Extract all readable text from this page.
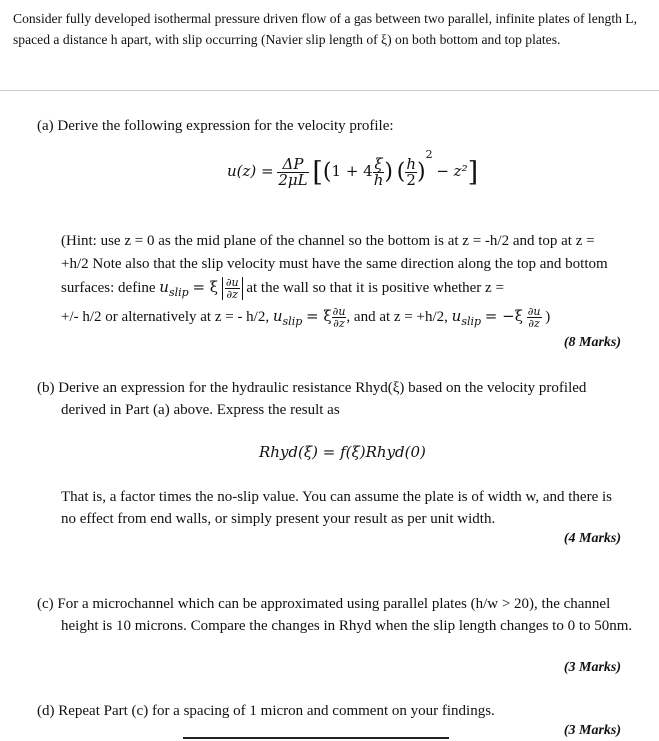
Consider fully developed isothermal pressure driven flow of a gas between two parallel, infinite plates of length L, spaced a distance h apart, with slip occurring (Navier slip length of ξ) on both bottom and top plates.
(a) Derive the following expression for the velocity profile:
$u(z) = \frac{\Delta P}{2\mu L} [(1 + 4 \frac{\xi}{h}$ ) ( $\frac{h}{2} )^2 - z^2$]
(Hint: use z = 0 as the mid plane of the channel so the bottom is at z = -h/2 and top at z = +h/2 Note also that the slip velocity must have the same direction along the top and bottom surfaces: define $u_{slip} = \xi \frac{\partial u}{\partial z}$ at the wall so that it is positive whether z =
+/- h/2 or alternatively at z = - h/2, $u_{slip} = \xi \frac{\partial u}{\partial z}$ , and at z = +h/2, $u_{slip} = -\xi \frac{\partial u}{\partial z}$ )
(8 Marks)
(b) Derive an expression for the hydraulic resistance Rhyd(ξ) based on the velocity profiled derived in Part (a) above. Express the result as
Rhyd(ξ) = f(ξ)Rhyd(0)
That is, a factor times the no-slip value. You can assume the plate is of width w, and there is no effect from end walls, or simply present your result as per unit width.
(4 Marks)
(c) For a microchannel which can be approximated using parallel plates (h/w > 20), the channel height is 10 microns. Compare the changes in Rhyd when the slip length changes to 0 to 50nm.
(3 Marks)
(d) Repeat Part (c) for a spacing of 1 micron and comment on your findings.
(3 Marks)
